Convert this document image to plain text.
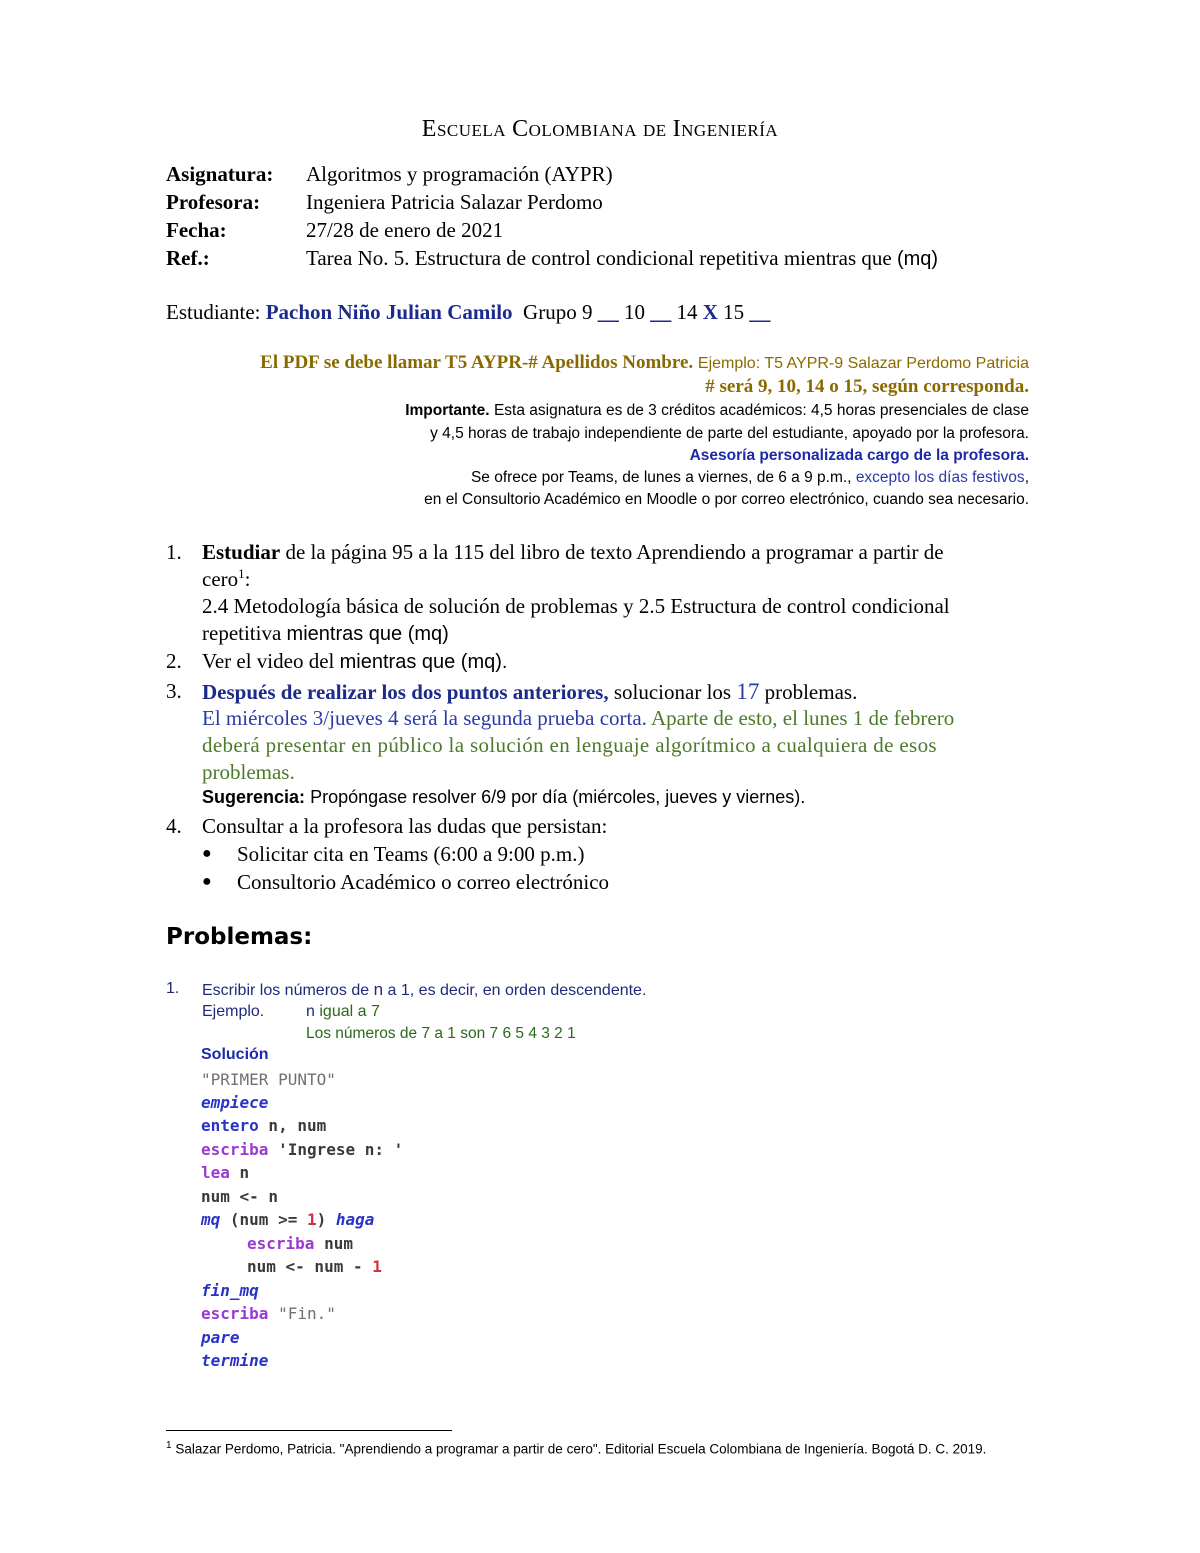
ESCUELA COLOMBIANA DE INGENIERÍA
Asignatura: Algoritmos y programación (AYPR)
Profesora: Ingeniera Patricia Salazar Perdomo
Fecha:	27/28 de enero de 2021
Ref.:	Tarea No. 5. Estructura de control condicional repetitiva mientras que (mq)
Estudiante: Pachon Niño Julian Camilo Grupo 9 __ 10 __ 14 X 15 __
El PDF se debe llamar T5 AYPR-# Apellidos Nombre. Ejemplo: T5 AYPR-9 Salazar Perdomo Patricia
# será 9, 10, 14 o 15, según corresponda.
Importante. Esta asignatura es de 3 créditos académicos: 4,5 horas presenciales de clase
y 4,5 horas de trabajo independiente de parte del estudiante, apoyado por la profesora.
Asesoría personalizada cargo de la profesora.
Se ofrece por Teams, de lunes a viernes, de 6 a 9 p.m., excepto los días festivos,
en el Consultorio Académico en Moodle o por correo electrónico, cuando sea necesario.
1. Estudiar de la página 95 a la 115 del libro de texto Aprendiendo a programar a partir de
cero$^1$:
2.4 Metodología básica de solución de problemas y 2.5 Estructura de control condicional
repetitiva mientras que (mq)
2. Ver el video del mientras que (mq).
3. Después de realizar los dos puntos anteriores, solucionar los 17 problemas.
El miércoles 3/jueves 4 será la segunda prueba corta. Aparte de esto, el lunes 1 de febrero
deberá presentar en público la solución en lenguaje algorítmico a cualquiera de esos
problemas.
Sugerencia: Propóngase resolver 6/9 por día (miércoles, jueves y viernes).
4. Consultar a la profesora las dudas que persistan:
● Solicitar cita en Teams (6:00 a 9:00 p.m.)
● Consultorio Académico o correo electrónico
Problemas:
1. Escribir los números de n a 1, es decir, en orden descendente.
Ejemplo.	n igual a 7
Los números de 7 a 1 son 7 6 5 4 3 2 1
Solución
"PRIMER PUNTO"
empiece
entero n, num
escriba 'Ingrese n: '
lea n
num <- n
mq (num >= 1) haga
escriba num
num <- num - 1
fin_mq
escriba "Fin."
pare
termine
$^1$ Salazar Perdomo, Patricia. "Aprendiendo a programar a partir de cero". Editorial Escuela Colombiana de Ingeniería. Bogotá D. C. 2019.
